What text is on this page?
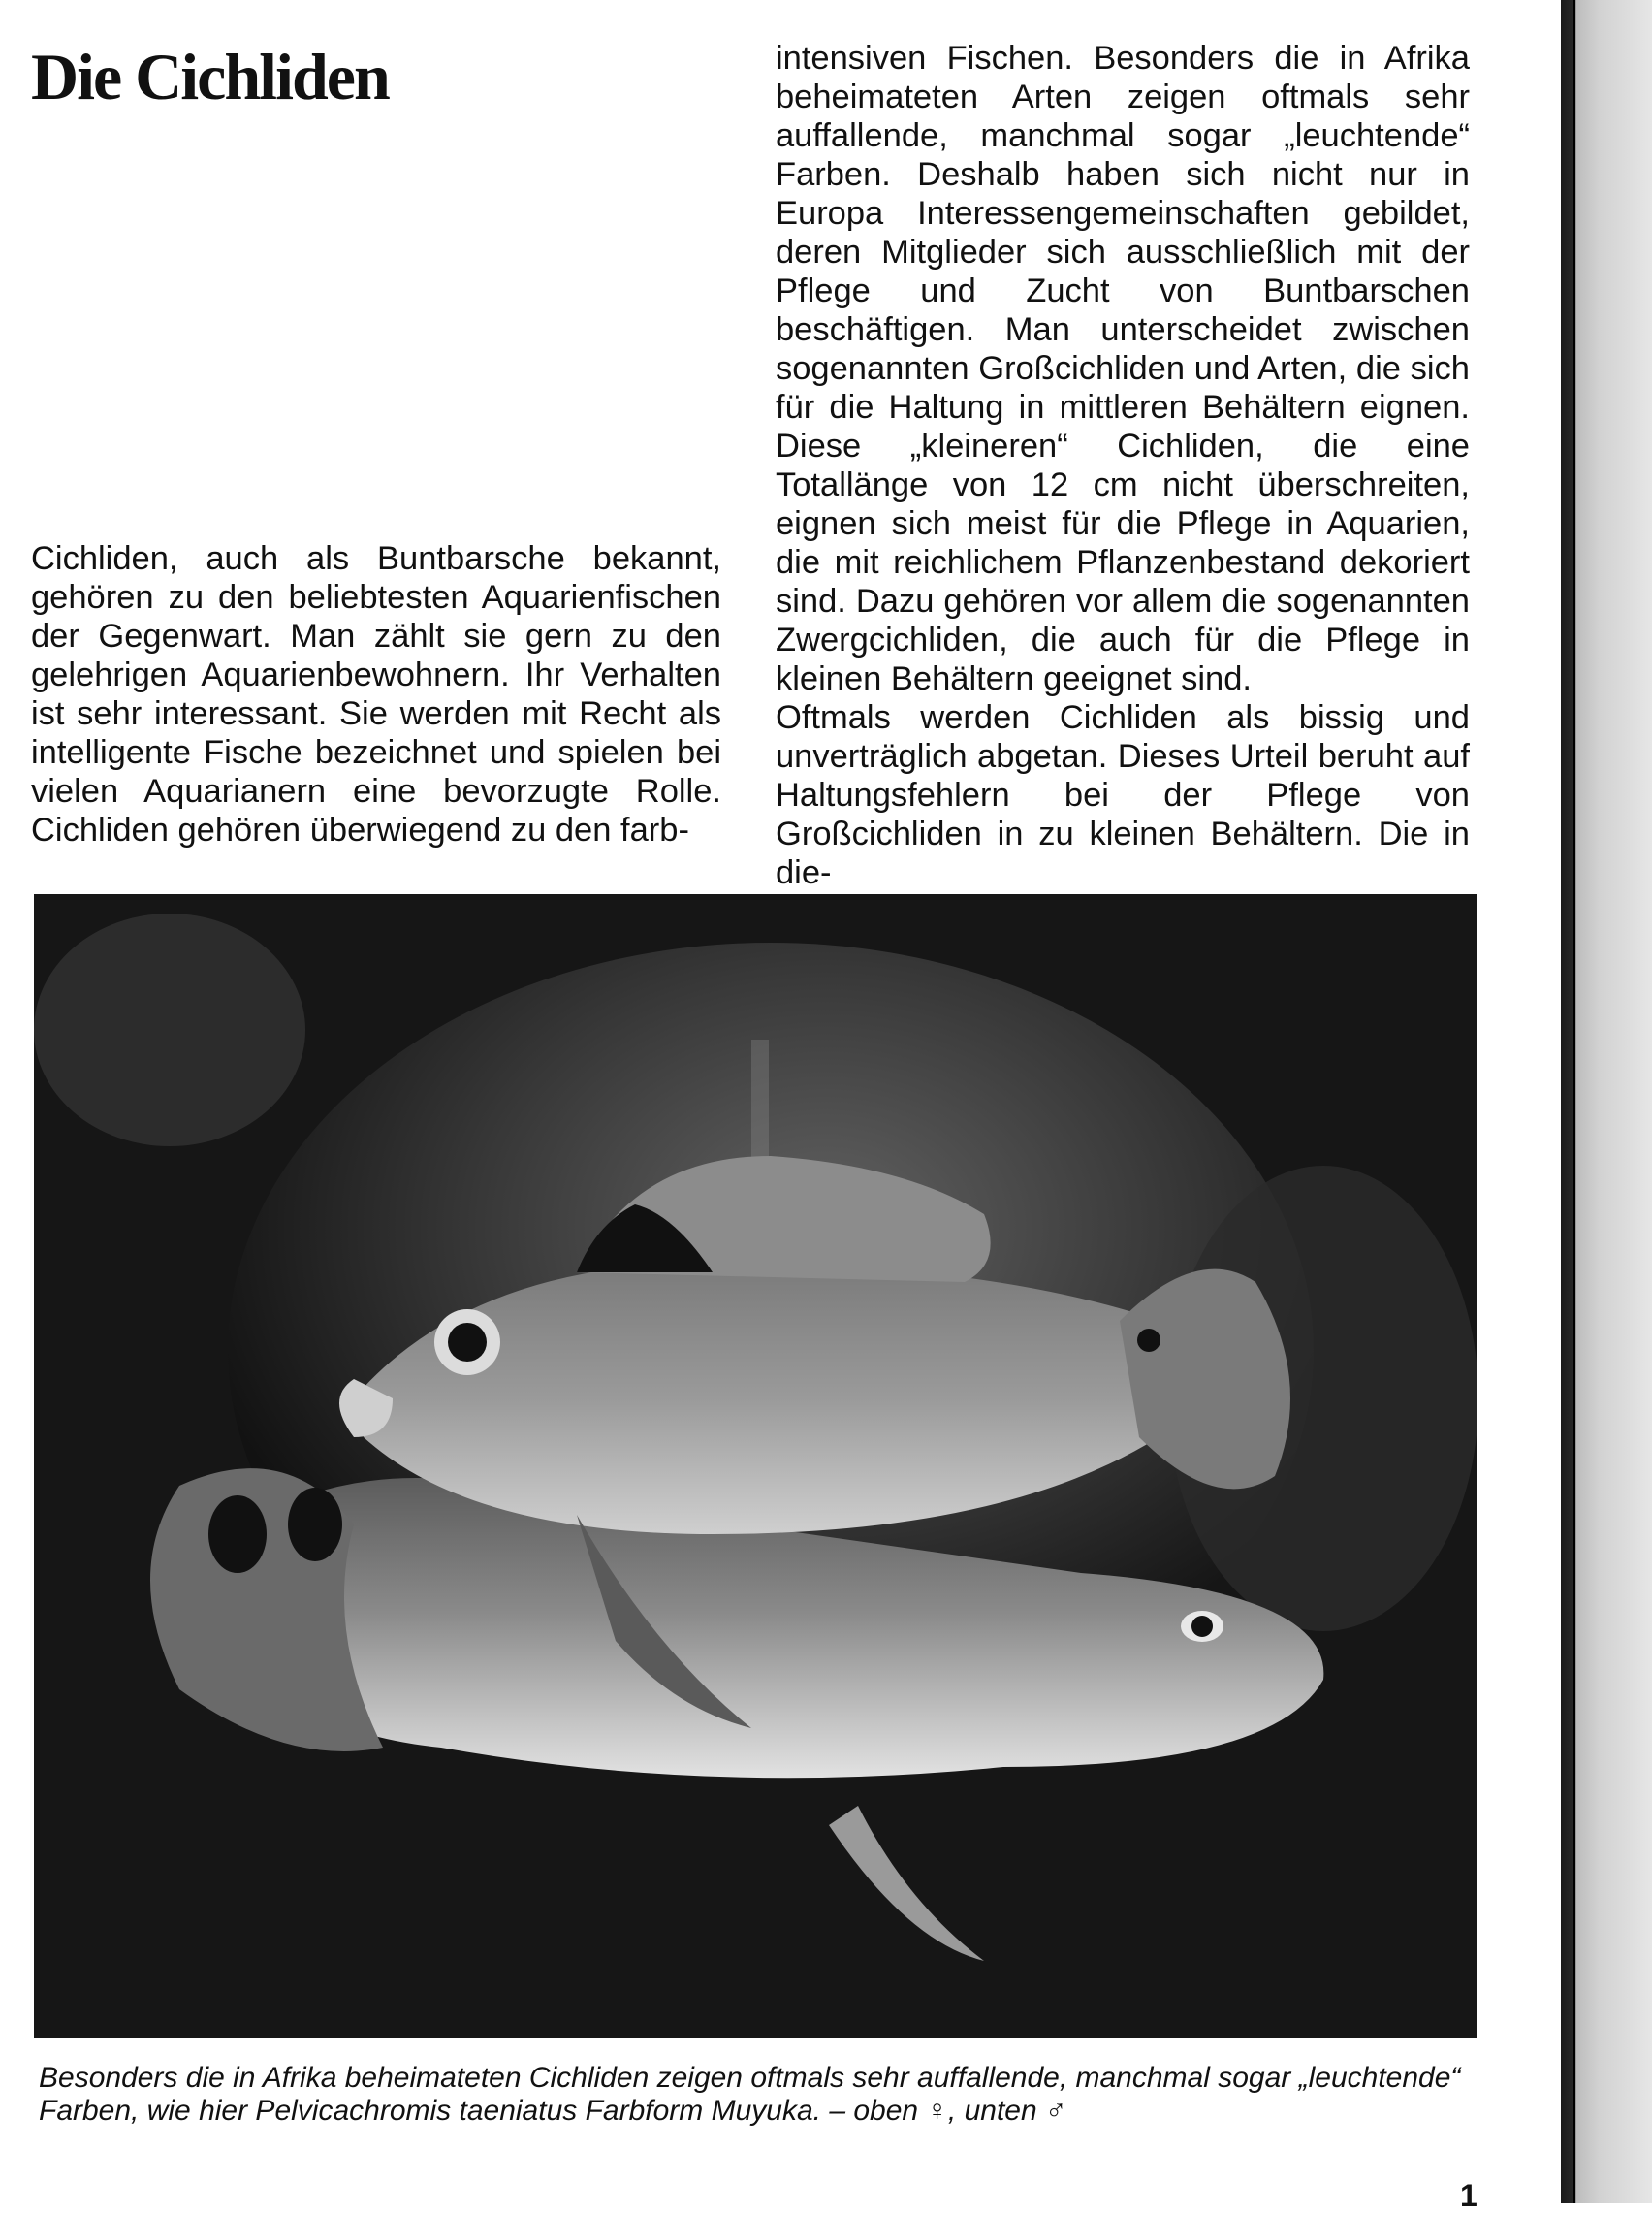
Die Cichliden

Cichliden, auch als Buntbarsche bekannt, gehören zu den beliebtesten Aquarienfischen der Gegenwart. Man zählt sie gern zu den gelehrigen Aquarienbewohnern. Ihr Verhalten ist sehr interessant. Sie werden mit Recht als intelligente Fische bezeichnet und spielen bei vielen Aquarianern eine bevorzugte Rolle. Cichliden gehören überwiegend zu den farb-

intensiven Fischen. Besonders die in Afrika beheimateten Arten zeigen oftmals sehr auffallende, manchmal sogar „leuchtende“ Farben. Deshalb haben sich nicht nur in Europa Interessengemeinschaften gebildet, deren Mitglieder sich ausschließlich mit der Pflege und Zucht von Buntbarschen beschäftigen. Man unterscheidet zwischen sogenannten Großcichliden und Arten, die sich für die Haltung in mittleren Behältern eignen. Diese „kleineren“ Cichliden, die eine Totallänge von 12 cm nicht überschreiten, eignen sich meist für die Pflege in Aquarien, die mit reichlichem Pflanzenbestand dekoriert sind. Dazu gehören vor allem die sogenannten Zwergcichliden, die auch für die Pflege in kleinen Behältern geeignet sind.

Oftmals werden Cichliden als bissig und unverträglich abgetan. Dieses Urteil beruht auf Haltungsfehlern bei der Pflege von Großcichliden in zu kleinen Behältern. Die in die-

Besonders die in Afrika beheimateten Cichliden zeigen oftmals sehr auffallende, manchmal sogar „leuchtende“ Farben, wie hier Pelvicachromis taeniatus Farbform Muyuka. – oben ♀, unten ♂

1
